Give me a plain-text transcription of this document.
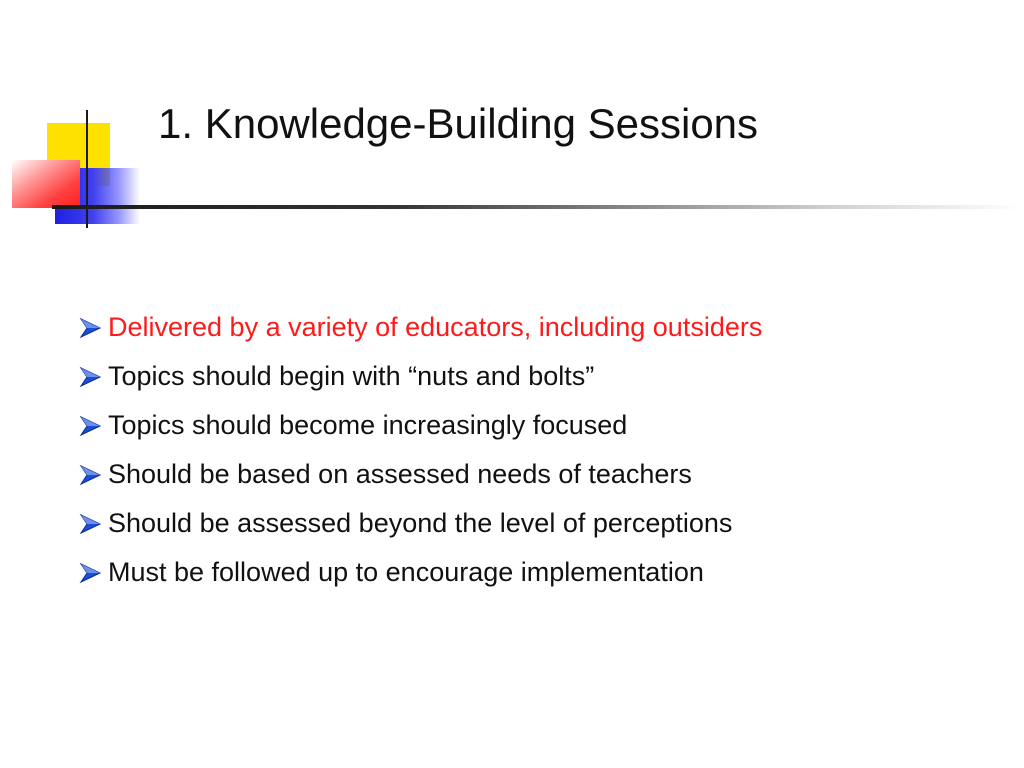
1. Knowledge-Building Sessions
Delivered by a variety of educators, including outsiders
Topics should begin with “nuts and bolts”
Topics should become increasingly focused
Should be based on assessed needs of teachers
Should be assessed beyond the level of perceptions
Must be followed up to encourage implementation
